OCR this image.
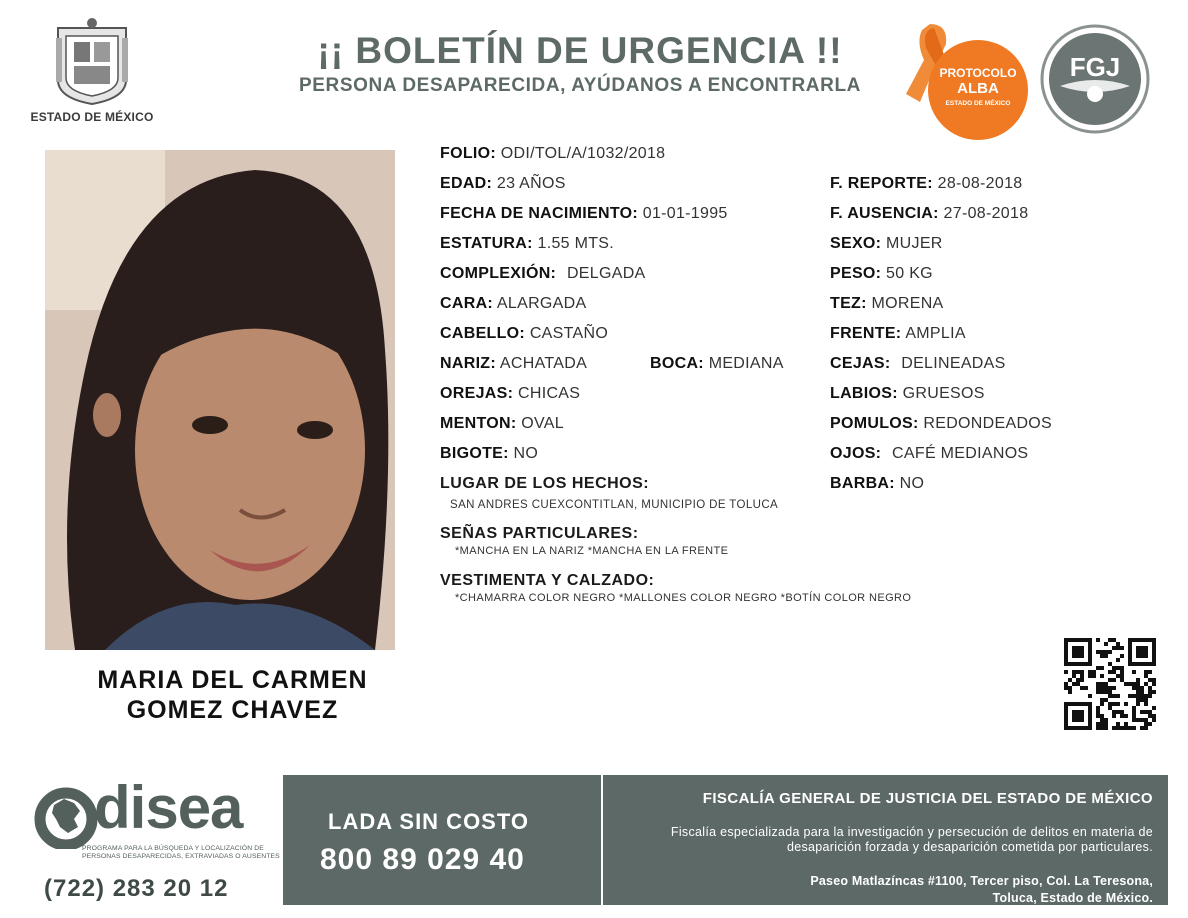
ESTADO DE MÉXICO
¡¡ BOLETÍN DE URGENCIA !!
PERSONA DESAPARECIDA, AYÚDANOS A ENCONTRARLA
PROTOCOLO
ALBA
ESTADO DE MÉXICO
FGJ
MARIA DEL CARMEN
GOMEZ CHAVEZ
FOLIO: ODI/TOL/A/1032/2018
EDAD: 23 AÑOS
FECHA DE NACIMIENTO: 01-01-1995
ESTATURA: 1.55 MTS.
COMPLEXIÓN: DELGADA
CARA: ALARGADA
CABELLO: CASTAÑO
NARIZ: ACHATADA	BOCA: MEDIANA
OREJAS: CHICAS
MENTON: OVAL
BIGOTE: NO
F. REPORTE: 28-08-2018
F. AUSENCIA: 27-08-2018
SEXO: MUJER
PESO: 50 KG
TEZ: MORENA
FRENTE: AMPLIA
CEJAS: DELINEADAS
LABIOS: GRUESOS
POMULOS: REDONDEADOS
OJOS: CAFÉ MEDIANOS
BARBA: NO
LUGAR DE LOS HECHOS:
SAN ANDRES CUEXCONTITLAN, MUNICIPIO DE TOLUCA
SEÑAS PARTICULARES:
*MANCHA EN LA NARIZ *MANCHA EN LA FRENTE
VESTIMENTA Y CALZADO:
*CHAMARRA COLOR NEGRO *MALLONES COLOR NEGRO *BOTÍN COLOR NEGRO
disea
PROGRAMA PARA LA BÚSQUEDA Y LOCALIZACIÓN DE PERSONAS DESAPARECIDAS, EXTRAVIADAS O AUSENTES
(722) 283 20 12
LADA SIN COSTO
800 89 029 40
FISCALÍA GENERAL DE JUSTICIA DEL ESTADO DE MÉXICO
Fiscalía especializada para la investigación y persecución de delitos en materia de desaparición forzada y desaparición cometida por particulares.
Paseo Matlazíncas #1100, Tercer piso, Col. La Teresona,
Toluca, Estado de México.
